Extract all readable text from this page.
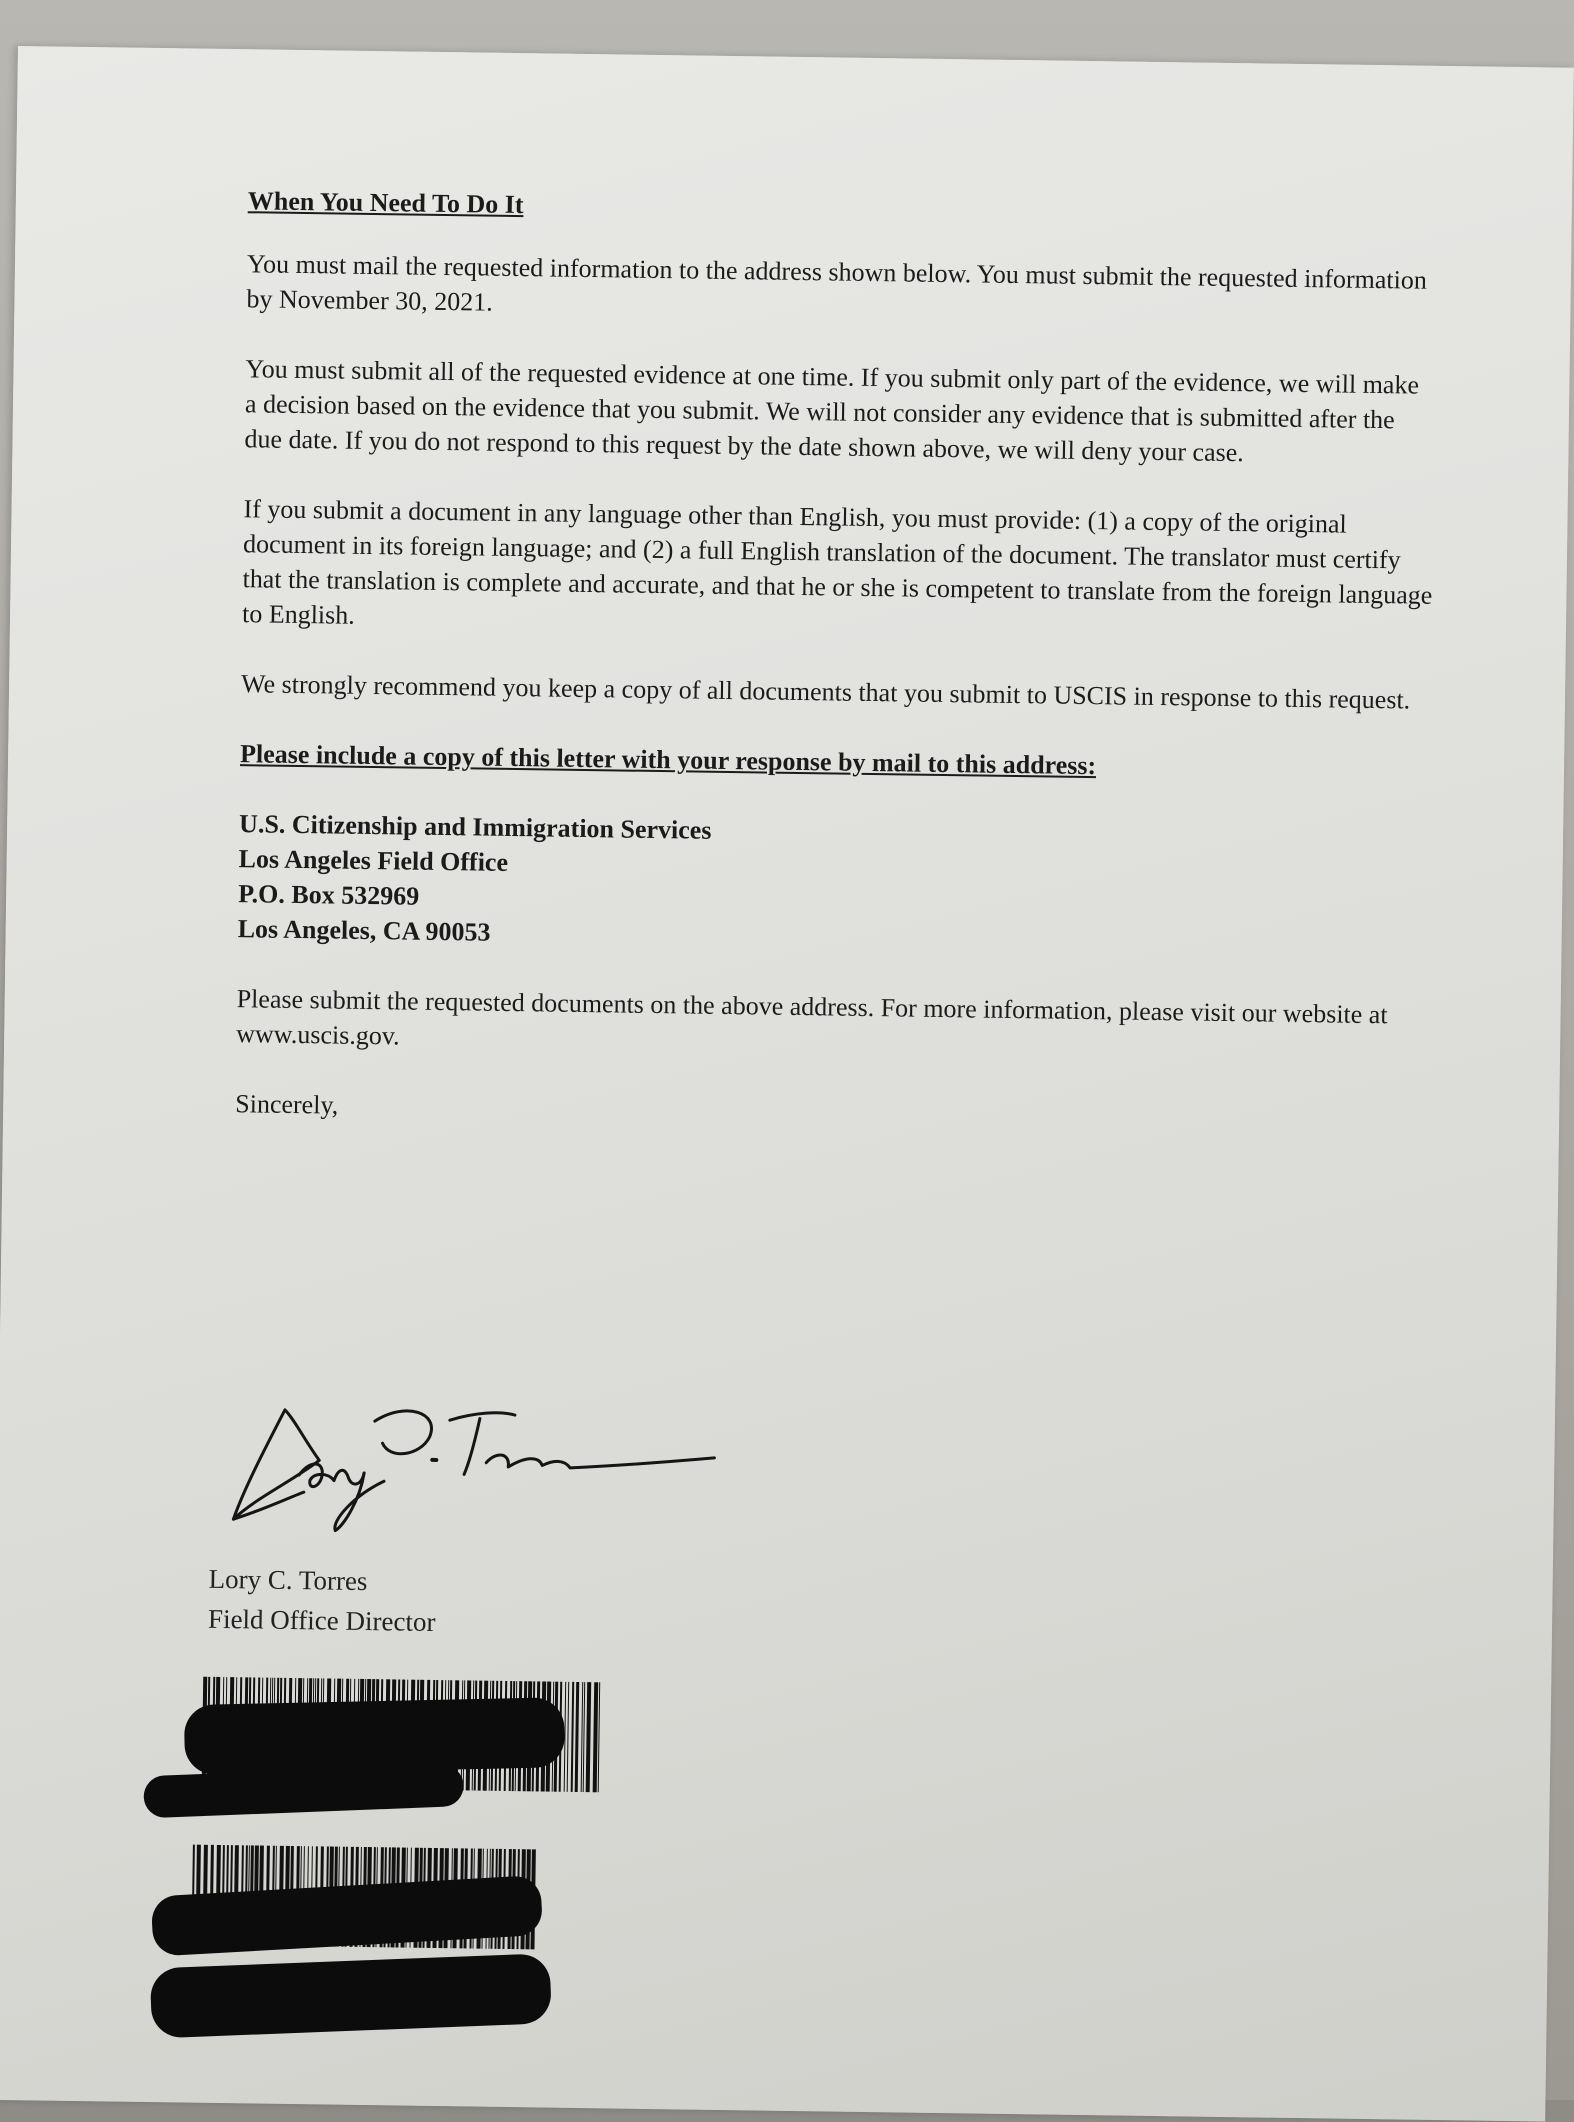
When You Need To Do It

You must mail the requested information to the address shown below. You must submit the requested information by November 30, 2021.

You must submit all of the requested evidence at one time. If you submit only part of the evidence, we will make a decision based on the evidence that you submit. We will not consider any evidence that is submitted after the due date. If you do not respond to this request by the date shown above, we will deny your case.

If you submit a document in any language other than English, you must provide: (1) a copy of the original document in its foreign language; and (2) a full English translation of the document. The translator must certify that the translation is complete and accurate, and that he or she is competent to translate from the foreign language to English.

We strongly recommend you keep a copy of all documents that you submit to USCIS in response to this request.

Please include a copy of this letter with your response by mail to this address:

U.S. Citizenship and Immigration Services
Los Angeles Field Office
P.O. Box 532969
Los Angeles, CA 90053

Please submit the requested documents on the above address. For more information, please visit our website at www.uscis.gov.

Sincerely,

Lory C. Torres
Field Office Director
